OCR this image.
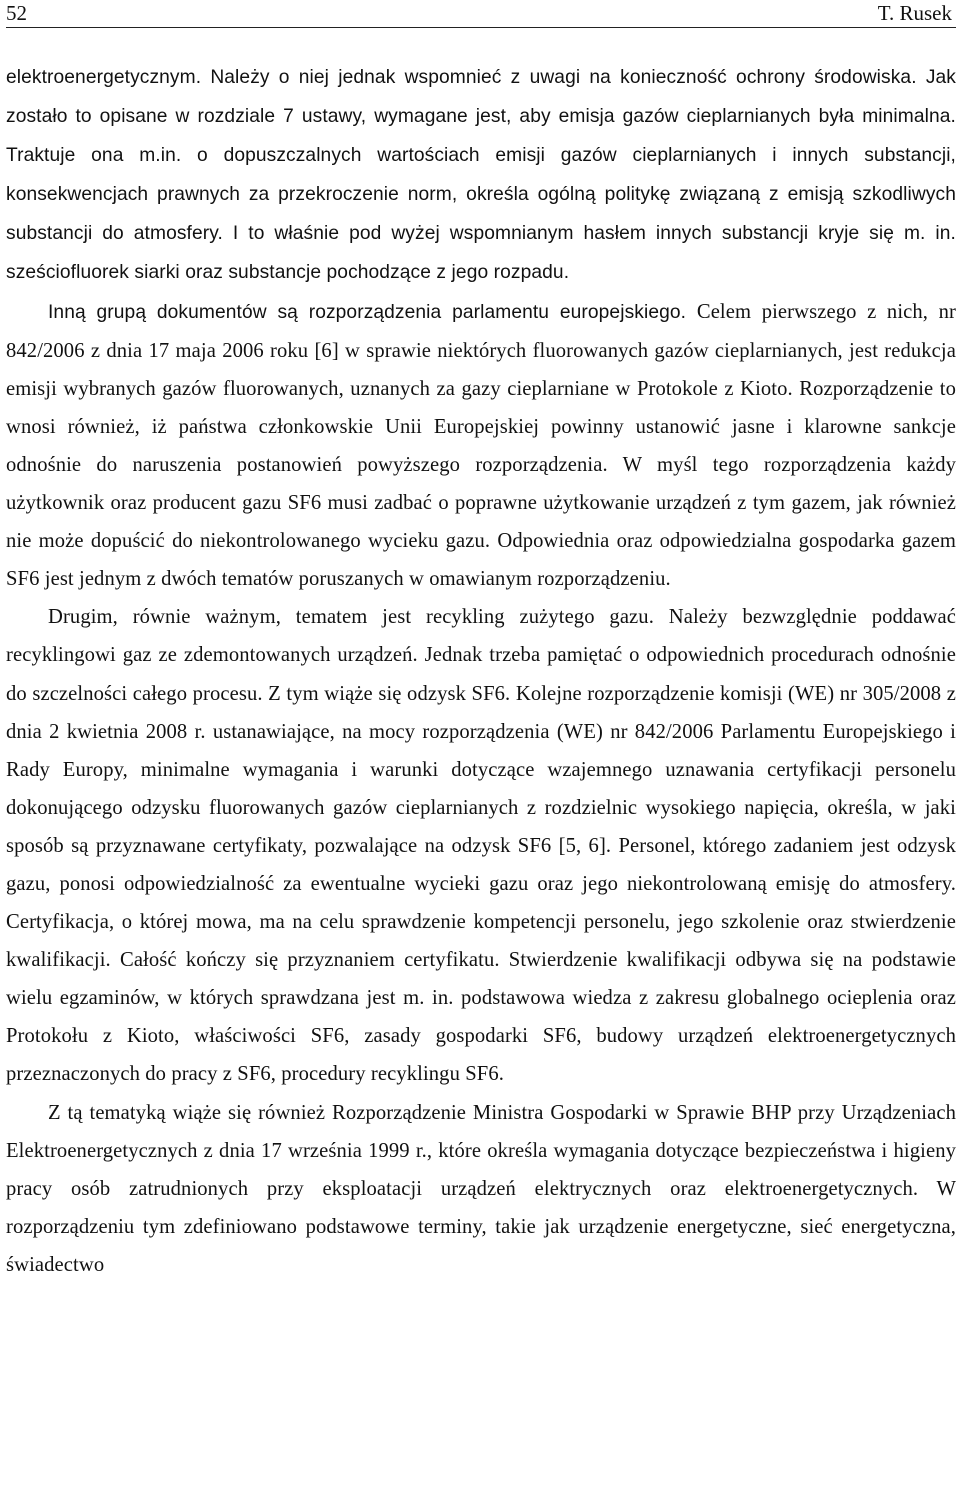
52	T. Rusek

elektroenergetycznym. Należy o niej jednak wspomnieć z uwagi na konieczność ochrony środowiska. Jak zostało to opisane w rozdziale 7 ustawy, wymagane jest, aby emisja gazów cieplarnianych była minimalna. Traktuje ona m.in. o dopuszczalnych wartościach emisji gazów cieplarnianych i innych substancji, konsekwencjach prawnych za przekroczenie norm, określa ogólną politykę związaną z emisją szkodliwych substancji do atmosfery. I to właśnie pod wyżej wspomnianym hasłem innych substancji kryje się m. in. sześciofluorek siarki oraz substancje pochodzące z jego rozpadu.

Inną grupą dokumentów są rozporządzenia parlamentu europejskiego. Celem pierwszego z nich, nr 842/2006 z dnia 17 maja 2006 roku [6] w sprawie niektórych fluorowanych gazów cieplarnianych, jest redukcja emisji wybranych gazów fluorowanych, uznanych za gazy cieplarniane w Protokole z Kioto. Rozporządzenie to wnosi również, iż państwa członkowskie Unii Europejskiej powinny ustanowić jasne i klarowne sankcje odnośnie do naruszenia postanowień powyższego rozporządzenia. W myśl tego rozporządzenia każdy użytkownik oraz producent gazu SF6 musi zadbać o poprawne użytkowanie urządzeń z tym gazem, jak również nie może dopuścić do niekontrolowanego wycieku gazu. Odpowiednia oraz odpowiedzialna gospodarka gazem SF6 jest jednym z dwóch tematów poruszanych w omawianym rozporządzeniu.

Drugim, równie ważnym, tematem jest recykling zużytego gazu. Należy bezwzględnie poddawać recyklingowi gaz ze zdemontowanych urządzeń. Jednak trzeba pamiętać o odpowiednich procedurach odnośnie do szczelności całego procesu. Z tym wiąże się odzysk SF6. Kolejne rozporządzenie komisji (WE) nr 305/2008 z dnia 2 kwietnia 2008 r. ustanawiające, na mocy rozporządzenia (WE) nr 842/2006 Parlamentu Europejskiego i Rady Europy, minimalne wymagania i warunki dotyczące wzajemnego uznawania certyfikacji personelu dokonującego odzysku fluorowanych gazów cieplarnianych z rozdzielnic wysokiego napięcia, określa, w jaki sposób są przyznawane certyfikaty, pozwalające na odzysk SF6 [5, 6]. Personel, którego zadaniem jest odzysk gazu, ponosi odpowiedzialność za ewentualne wycieki gazu oraz jego niekontrolowaną emisję do atmosfery. Certyfikacja, o której mowa, ma na celu sprawdzenie kompetencji personelu, jego szkolenie oraz stwierdzenie kwalifikacji. Całość kończy się przyznaniem certyfikatu. Stwierdzenie kwalifikacji odbywa się na podstawie wielu egzaminów, w których sprawdzana jest m. in. podstawowa wiedza z zakresu globalnego ocieplenia oraz Protokołu z Kioto, właściwości SF6, zasady gospodarki SF6, budowy urządzeń elektroenergetycznych przeznaczonych do pracy z SF6, procedury recyklingu SF6.

Z tą tematyką wiąże się również Rozporządzenie Ministra Gospodarki w Sprawie BHP przy Urządzeniach Elektroenergetycznych z dnia 17 września 1999 r., które określa wymagania dotyczące bezpieczeństwa i higieny pracy osób zatrudnionych przy eksploatacji urządzeń elektrycznych oraz elektroenergetycznych. W rozporządzeniu tym zdefiniowano podstawowe terminy, takie jak urządzenie energetyczne, sieć energetyczna, świadectwo
